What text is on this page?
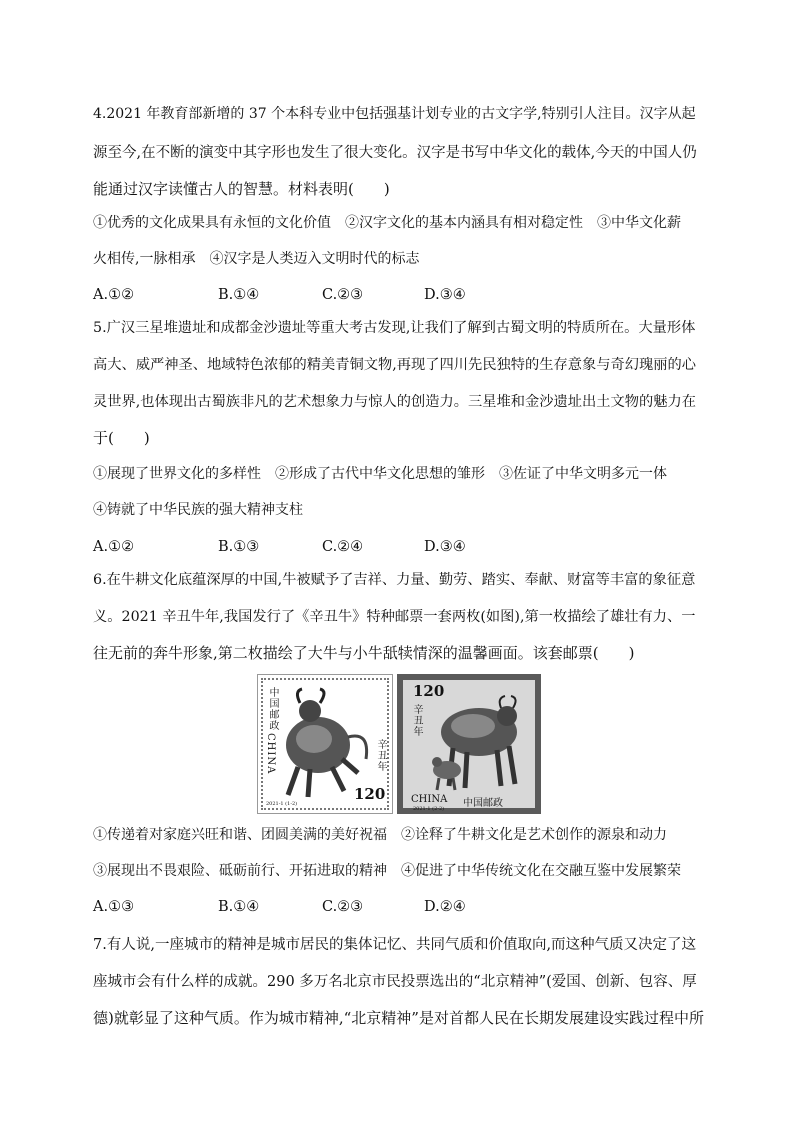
4.2021 年教育部新增的 37 个本科专业中包括强基计划专业的古文字学,特别引人注目。汉字从起
源至今,在不断的演变中其字形也发生了很大变化。汉字是书写中华文化的载体,今天的中国人仍
能通过汉字读懂古人的智慧。材料表明(　　)
①优秀的文化成果具有永恒的文化价值　②汉字文化的基本内涵具有相对稳定性　③中华文化薪
火相传,一脉相承　④汉字是人类迈入文明时代的标志
A.①②	B.①④	C.②③	D.③④
5.广汉三星堆遗址和成都金沙遗址等重大考古发现,让我们了解到古蜀文明的特质所在。大量形体
高大、威严神圣、地域特色浓郁的精美青铜文物,再现了四川先民独特的生存意象与奇幻瑰丽的心
灵世界,也体现出古蜀族非凡的艺术想象力与惊人的创造力。三星堆和金沙遗址出土文物的魅力在
于(　　)
①展现了世界文化的多样性　②形成了古代中华文化思想的雏形　③佐证了中华文明多元一体
④铸就了中华民族的强大精神支柱
A.①②	B.①③	C.②④	D.③④
6.在牛耕文化底蕴深厚的中国,牛被赋予了吉祥、力量、勤劳、踏实、奉献、财富等丰富的象征意
义。2021 辛丑牛年,我国发行了《辛丑牛》特种邮票一套两枚(如图),第一枚描绘了雄壮有力、一
往无前的奔牛形象,第二枚描绘了大牛与小牛舐犊情深的温馨画面。该套邮票(　　)
中国邮政
CHINA	辛丑年
120
2021-1 (1-2)
120
辛丑年
CHINA 中国邮政
2021-1 (2-2)
①传递着对家庭兴旺和谐、团圆美满的美好祝福　②诠释了牛耕文化是艺术创作的源泉和动力
③展现出不畏艰险、砥砺前行、开拓进取的精神　④促进了中华传统文化在交融互鉴中发展繁荣
A.①③	B.①④	C.②③	D.②④
7.有人说,一座城市的精神是城市居民的集体记忆、共同气质和价值取向,而这种气质又决定了这
座城市会有什么样的成就。290 多万名北京市民投票选出的“北京精神”(爱国、创新、包容、厚
德)就彰显了这种气质。作为城市精神,“北京精神”是对首都人民在长期发展建设实践过程中所
